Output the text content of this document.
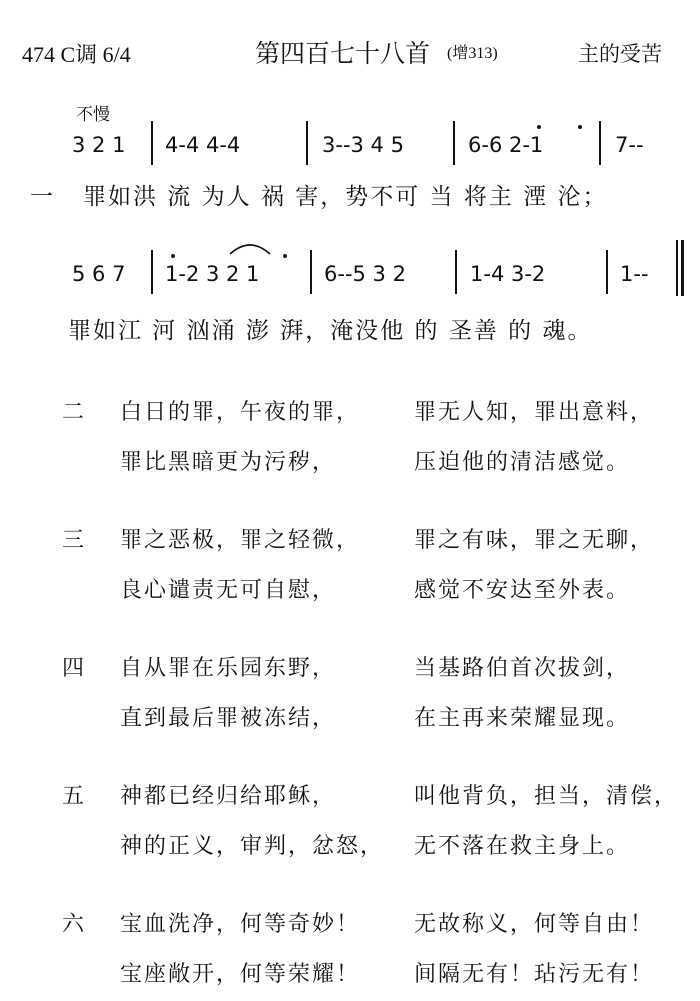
474 C调 6/4	第四百七十八首 (增313)	主的受苦
不慢
3 2 1 4-4 4-4	3--3 4 5	6-6 2-1	7--
一 罪如洪 流 为人 祸 害，势不可 当 将主 湮 沦；
5 6 7 1-2 3 2 1	6--5 3 2	1-4 3-2	1--
罪如江 河 汹涌 澎 湃，淹没他 的 圣善 的 魂。
二 白日的罪，午夜的罪， 罪无人知，罪出意料，
罪比黑暗更为污秽，	压迫他的清洁感觉。
三 罪之恶极，罪之轻微， 罪之有味，罪之无聊，
良心谴责无可自慰，	感觉不安达至外表。
四 自从罪在乐园东野，	当基路伯首次拔剑，
直到最后罪被冻结，	在主再来荣耀显现。
五 神都已经归给耶稣，	叫他背负，担当，清偿，
神的正义，审判，忿怒， 无不落在救主身上。
六 宝血洗净，何等奇妙！ 无故称义，何等自由！
宝座敞开，何等荣耀！ 间隔无有！玷污无有！
